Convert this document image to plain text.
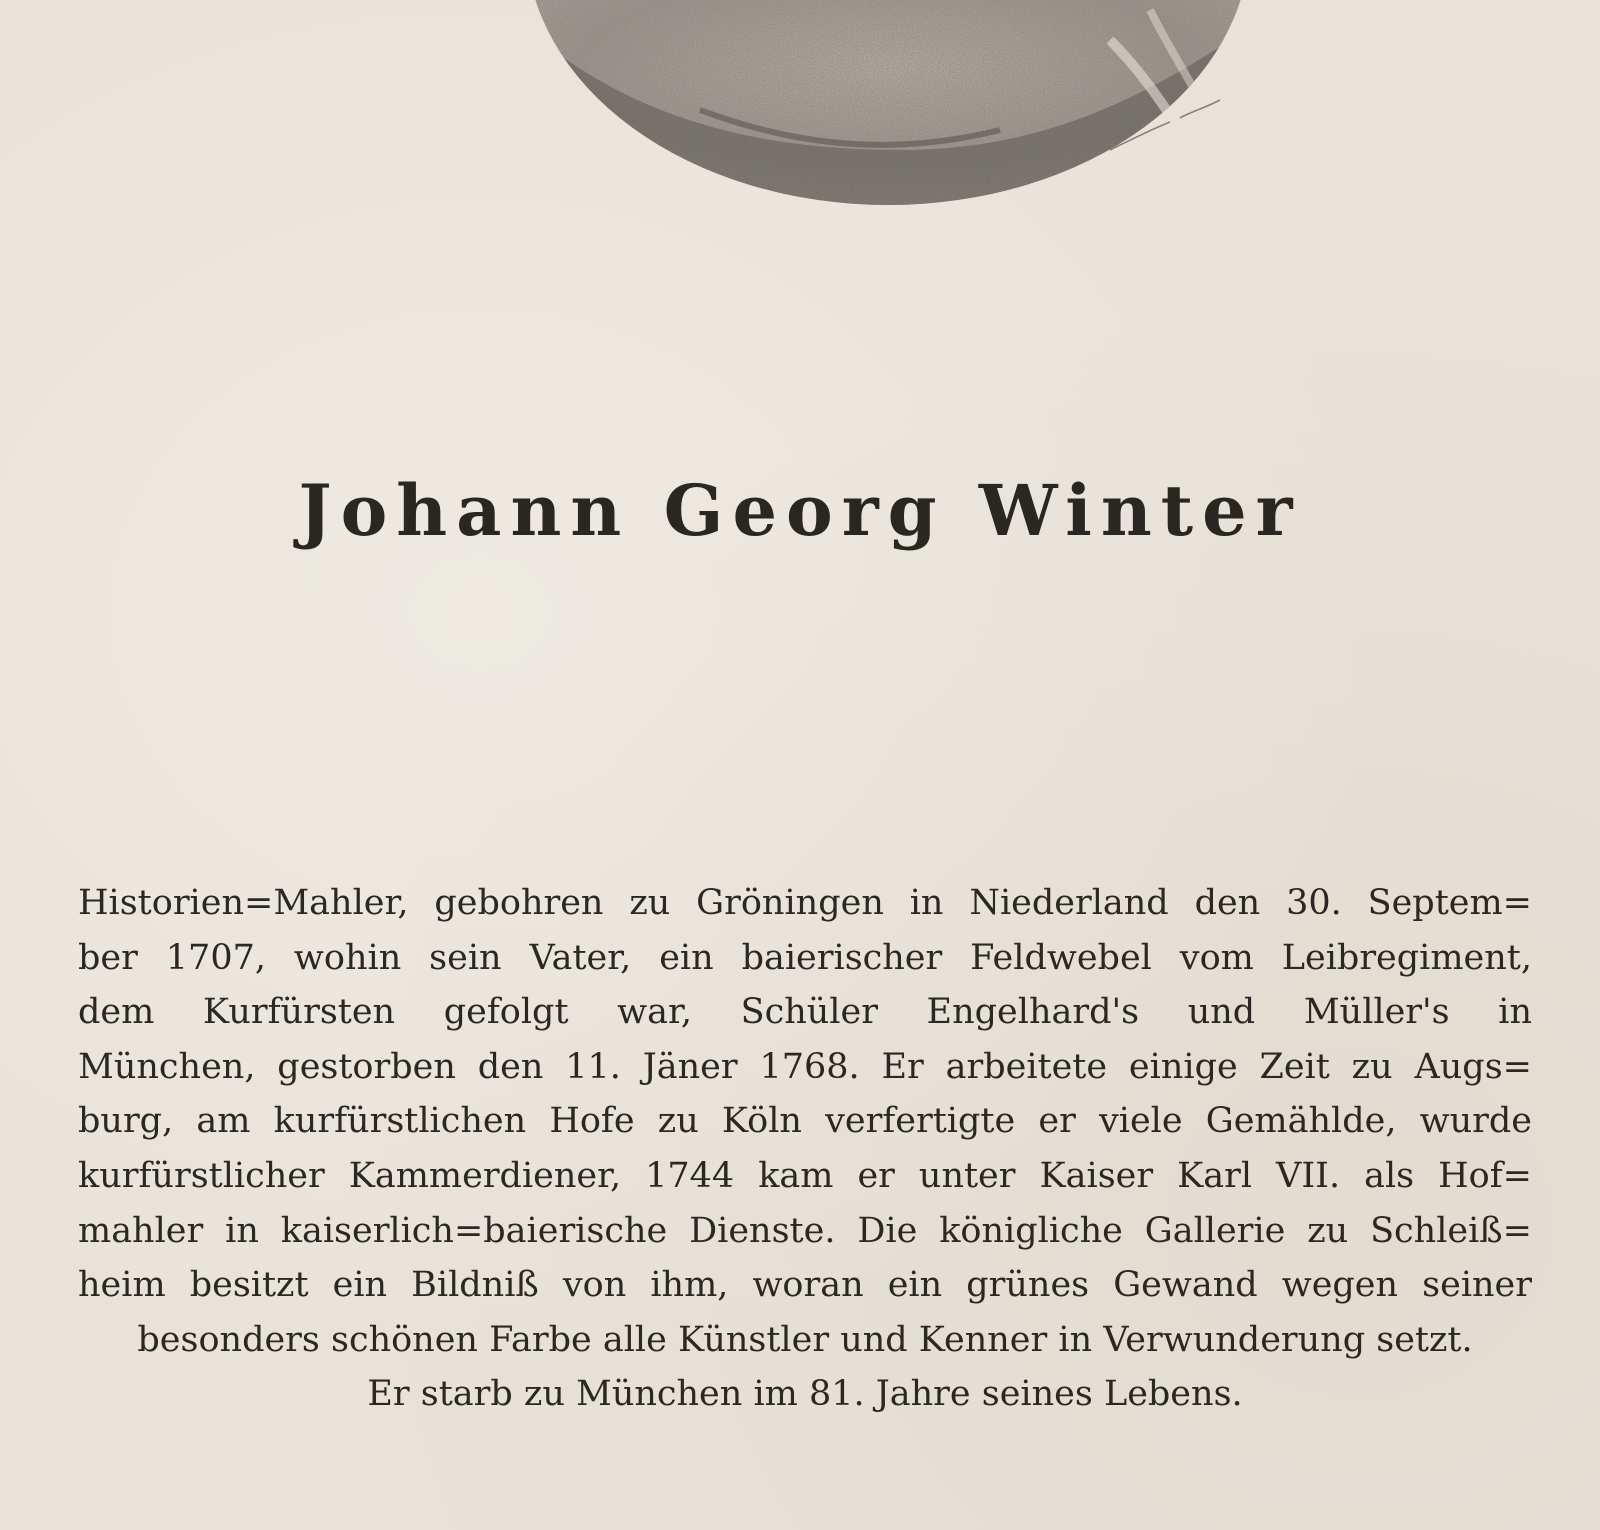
Johann Georg Winter

Historien=Mahler, gebohren zu Gröningen in Niederland den 30. Septem=
ber 1707, wohin sein Vater, ein baierischer Feldwebel vom Leibregiment,
dem Kurfürsten gefolgt war, Schüler Engelhard's und Müller's in
München, gestorben den 11. Jäner 1768. Er arbeitete einige Zeit zu Augs=
burg, am kurfürstlichen Hofe zu Köln verfertigte er viele Gemählde, wurde
kurfürstlicher Kammerdiener, 1744 kam er unter Kaiser Karl VII. als Hof=
mahler in kaiserlich=baierische Dienste. Die königliche Gallerie zu Schleiß=
heim besitzt ein Bildniß von ihm, woran ein grünes Gewand wegen seiner
besonders schönen Farbe alle Künstler und Kenner in Verwunderung setzt.
Er starb zu München im 81. Jahre seines Lebens.
